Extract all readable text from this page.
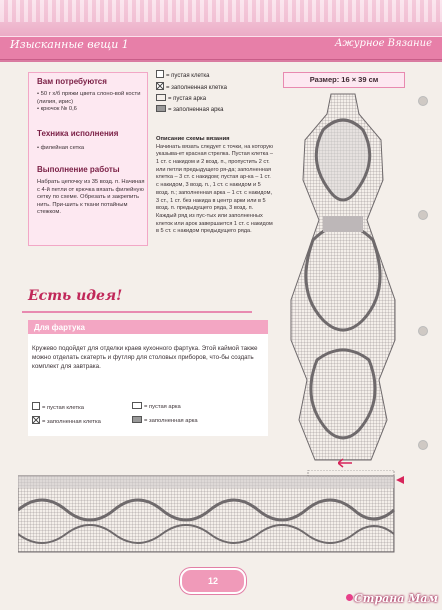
Изысканные вещи 1	Ажурное Вязание
Вам потребуются
• 50 г х/б пряжи цвета слоно-вой кости (лилия, ирис)
• крючок № 0,6
Техника исполнения
• филейная сетка
Выполнение работы
Набрать цепочку из 35 возд. п. Начиная с 4-й петли от крючка вязать филейную сетку по схеме. Обрезать и закрепить нить. При-шить к ткани потайным стежком.
= пустая клетка
= заполненная клетка
= пустая арка
= заполненная арка
Описание схемы вязания
Начинать вязать следует с точки, на которую указыва-ет красная стрелка. Пустая клетка – 1 ст. с накидом и 2 возд. п., пропустить 2 ст. или петли предыдущего ря-да; заполненная клетка – 3 ст. с накидом; пустая ар-ка – 1 ст. с накидом, 3 возд. п., 1 ст. с накидом и 5 возд. п.; заполненная арка – 1 ст. с накидом, 3 ст., 1 ст. без накида в центр арки или в 5 возд. п. предыдущего ряда, 3 возд. п. Каждый ряд из пус-тых или заполненных клеток или арок завершается 1 ст. с накидом в 5 ст. с накидом предыдущего ряда.
Размер: 16 × 39 см
Есть идея!
Для фартука
Кружево подойдет для отделки краев кухонного фартука. Этой каймой также можно отделать скатерть и футляр для столовых приборов, что-бы создать комплект для завтрака.
= пустая клетка	= пустая арка
= заполненная клетка	= заполненная арка
12
Страна Мам
